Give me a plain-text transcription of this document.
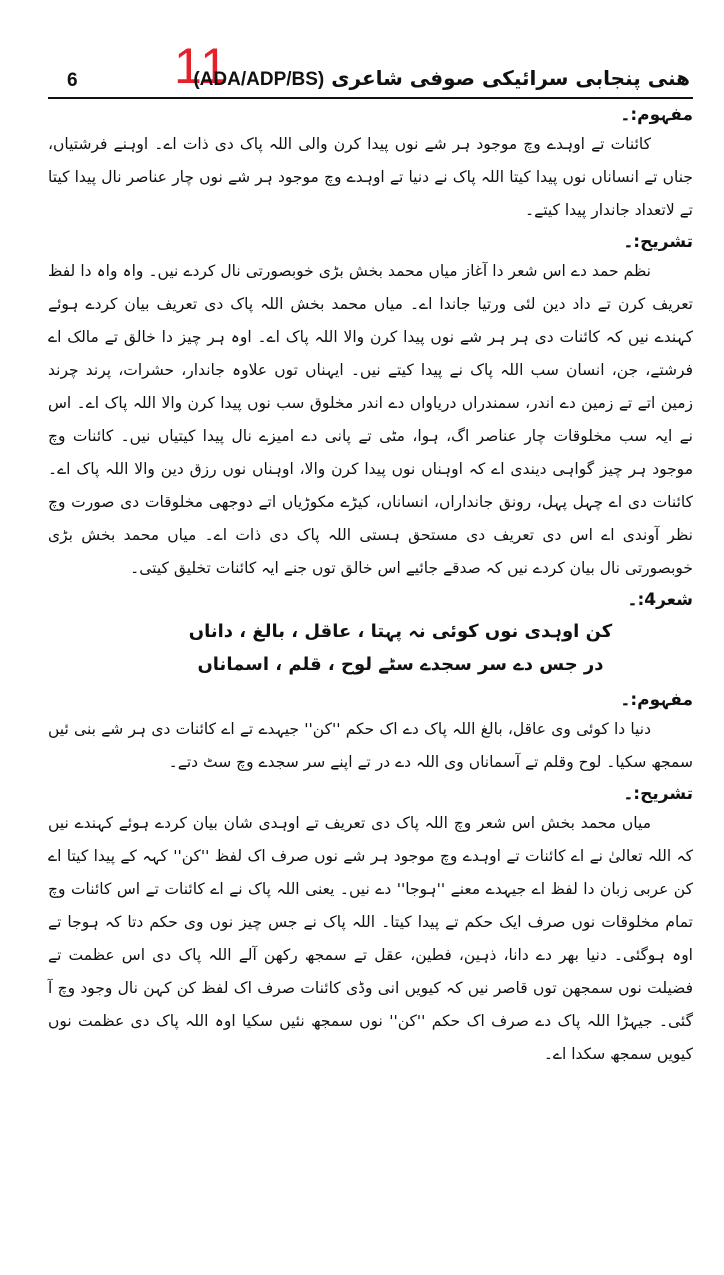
6 11	هنی پنجابی سرائیکی صوفی شاعری (ADA/ADP/BS)
مفہوم:۔

کائنات تے اوہدے وچ موجود ہر شے نوں پیدا کرن والی اللہ پاک دی ذات اے۔ اوہنے فرشتیاں، جناں تے انساناں نوں پیدا کیتا اللہ پاک نے دنیا تے اوہدے وچ موجود ہر شے نوں چار عناصر نال پیدا کیتا تے لاتعداد جاندار پیدا کیتے۔

تشریح:۔

نظم حمد دے اس شعر دا آغاز میاں محمد بخش بڑی خوبصورتی نال کردے نیں۔ واہ واہ دا لفظ تعریف کرن تے داد دین لئی ورتیا جاندا اے۔ میاں محمد بخش اللہ پاک دی تعریف بیان کردے ہوئے کہندے نیں کہ کائنات دی ہر ہر شے نوں پیدا کرن والا اللہ پاک اے۔ اوہ ہر چیز دا خالق تے مالک اے فرشتے، جن، انسان سب اللہ پاک نے پیدا کیتے نیں۔ ایہناں توں علاوہ جاندار، حشرات، پرند چرند زمین اتے تے زمین دے اندر، سمندراں دریاواں دے اندر مخلوق سب نوں پیدا کرن والا اللہ پاک اے۔ اس نے ایہ سب مخلوقات چار عناصر اگ، ہوا، مٹی تے پانی دے امیزے نال پیدا کیتیاں نیں۔ کائنات وچ موجود ہر چیز گواہی دیندی اے کہ اوہناں نوں پیدا کرن والا، اوہناں نوں رزق دین والا اللہ پاک اے۔ کائنات دی اے چہل پہل، رونق جانداراں، انساناں، کیڑے مکوڑیاں اتے دوجھی مخلوقات دی صورت وچ نظر آوندی اے اس دی تعریف دی مستحق ہستی اللہ پاک دی ذات اے۔ میاں محمد بخش بڑی خوبصورتی نال بیان کردے نیں کہ صدقے جائیے اس خالق توں جنے ایہ کائنات تخلیق کیتی۔

شعر4:۔
کن اوہدی نوں کوئی نہ پہتا ، عاقل ، بالغ ، داناں
در جس دے سر سجدے سٹے لوح ، قلم ، اسماناں
مفہوم:۔

دنیا دا کوئی وی عاقل، بالغ اللہ پاک دے اک حکم ''کن'' جیہدے تے اے کائنات دی ہر شے بنی ئیں سمجھ سکیا۔ لوح وقلم تے آسماناں وی اللہ دے در تے اپنے سر سجدے وچ سٹ دتے۔

تشریح:۔

میاں محمد بخش اس شعر وچ اللہ پاک دی تعریف تے اوہدی شان بیان کردے ہوئے کہندے نیں کہ اللہ تعالیٰ نے اے کائنات تے اوہدے وچ موجود ہر شے نوں صرف اک لفظ ''کن'' کہہ کے پیدا کیتا اے کن عربی زبان دا لفظ اے جیہدے معنے ''ہوجا'' دے نیں۔ یعنی اللہ پاک نے اے کائنات تے اس کائنات وچ تمام مخلوقات نوں صرف ایک حکم تے پیدا کیتا۔ اللہ پاک نے جس چیز نوں وی حکم دتا کہ ہوجا تے اوہ ہوگئی۔ دنیا بھر دے دانا، ذہین، فطین، عقل تے سمجھ رکھن آلے اللہ پاک دی اس عظمت تے فضیلت نوں سمجھن توں قاصر نیں کہ کیویں انی وڈی کائنات صرف اک لفظ کن کہن نال وجود وچ آ گئی۔ جیہڑا اللہ پاک دے صرف اک حکم ''کن'' نوں سمجھ نئیں سکیا اوہ اللہ پاک دی عظمت نوں کیویں سمجھ سکدا اے۔
